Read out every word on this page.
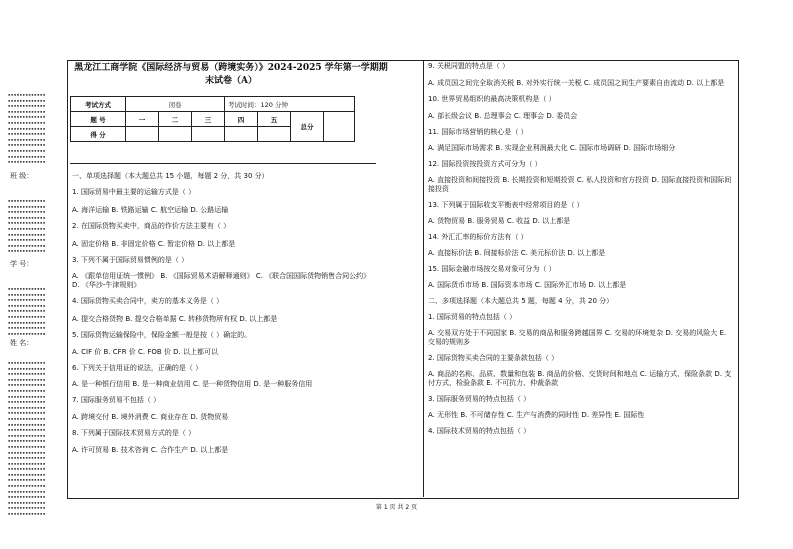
▪▪▪▪▪▪▪▪▪▪▪▪▪
▪▪▪▪▪▪▪▪▪▪▪▪▪
▪▪▪▪▪▪▪▪▪▪▪▪▪
▪▪▪▪▪▪▪▪▪▪▪▪▪
▪▪▪▪▪▪▪▪▪▪▪▪▪
▪▪▪▪▪▪▪▪▪▪▪▪▪
▪▪▪▪▪▪▪▪▪▪▪▪▪
▪▪▪▪▪▪▪▪▪▪▪▪▪
▪▪▪▪▪▪▪▪▪▪▪▪▪
▪▪▪▪▪▪▪▪▪▪▪▪▪
▪▪▪▪▪▪▪▪▪▪▪▪▪
▪▪▪▪▪▪▪▪▪▪▪▪▪
▪▪▪▪▪▪▪▪▪▪▪▪▪
班 级：
▪▪▪▪▪▪▪▪▪▪▪▪▪
▪▪▪▪▪▪▪▪▪▪▪▪▪
▪▪▪▪▪▪▪▪▪▪▪▪▪
▪▪▪▪▪▪▪▪▪▪▪▪▪
▪▪▪▪▪▪▪▪▪▪▪▪▪
▪▪▪▪▪▪▪▪▪▪▪▪▪
▪▪▪▪▪▪▪▪▪▪▪▪▪
▪▪▪▪▪▪▪▪▪▪▪▪▪
▪▪▪▪▪▪▪▪▪▪▪▪▪
▪▪▪▪▪▪▪▪▪▪▪▪▪
学 号：
▪▪▪▪▪▪▪▪▪▪▪▪▪
▪▪▪▪▪▪▪▪▪▪▪▪▪
▪▪▪▪▪▪▪▪▪▪▪▪▪
▪▪▪▪▪▪▪▪▪▪▪▪▪
▪▪▪▪▪▪▪▪▪▪▪▪▪
▪▪▪▪▪▪▪▪▪▪▪▪▪
▪▪▪▪▪▪▪▪▪▪▪▪▪
▪▪▪▪▪▪▪▪▪▪▪▪▪
▪▪▪▪▪▪▪▪▪▪▪▪▪
姓 名：
▪▪▪▪▪▪▪▪▪▪▪▪▪
▪▪▪▪▪▪▪▪▪▪▪▪▪
▪▪▪▪▪▪▪▪▪▪▪▪▪
▪▪▪▪▪▪▪▪▪▪▪▪▪
▪▪▪▪▪▪▪▪▪▪▪▪▪
▪▪▪▪▪▪▪▪▪▪▪▪▪
▪▪▪▪▪▪▪▪▪▪▪▪▪
▪▪▪▪▪▪▪▪▪▪▪▪▪
▪▪▪▪▪▪▪▪▪▪▪▪▪
▪▪▪▪▪▪▪▪▪▪▪▪▪
▪▪▪▪▪▪▪▪▪▪▪▪▪
▪▪▪▪▪▪▪▪▪▪▪▪▪
▪▪▪▪▪▪▪▪▪▪▪▪▪
▪▪▪▪▪▪▪▪▪▪▪▪▪
▪▪▪▪▪▪▪▪▪▪▪▪▪
▪▪▪▪▪▪▪▪▪▪▪▪▪
▪▪▪▪▪▪▪▪▪▪▪▪▪
▪▪▪▪▪▪▪▪▪▪▪▪▪
▪▪▪▪▪▪▪▪▪▪▪▪▪
▪▪▪▪▪▪▪▪▪▪▪▪▪
▪▪▪▪▪▪▪▪▪▪▪▪▪
▪▪▪▪▪▪▪▪▪▪▪▪▪
▪▪▪▪▪▪▪▪▪▪▪▪▪
▪▪▪▪▪▪▪▪▪▪▪▪▪
▪▪▪▪▪▪▪▪▪▪▪▪▪
▪▪▪▪▪▪▪▪▪▪▪▪▪
▪▪▪▪▪▪▪▪▪▪▪▪▪
▪▪▪▪▪▪▪▪▪▪▪▪▪
黑龙江工商学院《国际经济与贸易（跨境实务）》2024-2025 学年第一学期期末试卷（A）
考试方式	闭卷			考试时间：120 分钟			
题 号	一	二	三	四	五	总分	
得 分							

一、单项选择题（本大题总共 15 小题，每题 2 分，共 30 分）

1. 国际贸易中最主要的运输方式是（ ）

A. 海洋运输 B. 铁路运输 C. 航空运输 D. 公路运输

2. 在国际货物买卖中，商品的作价方法主要有（ ）

A. 固定价格 B. 非固定价格 C. 暂定价格 D. 以上都是

3. 下列不属于国际贸易惯例的是（ ）

A. 《跟单信用证统一惯例》 B. 《国际贸易术语解释通则》 C. 《联合国国际货物销售合同公约》 D. 《华沙-牛津规则》

4. 国际货物买卖合同中，卖方的基本义务是（ ）

A. 提交合格货物 B. 提交合格单据 C. 转移货物所有权 D. 以上都是

5. 国际货物运输保险中，保险金额一般是按（ ）确定的。

A. CIF 价 B. CFR 价 C. FOB 价 D. 以上都可以

6. 下列关于信用证的说法，正确的是（ ）

A. 是一种银行信用 B. 是一种商业信用 C. 是一种货物信用 D. 是一种服务信用

7. 国际服务贸易不包括（ ）

A. 跨境交付 B. 境外消费 C. 商业存在 D. 货物贸易

8. 下列属于国际技术贸易方式的是（ ）

A. 许可贸易 B. 技术咨询 C. 合作生产 D. 以上都是

9. 关税同盟的特点是（ ）

A. 成员国之间完全取消关税 B. 对外实行统一关税 C. 成员国之间生产要素自由流动 D. 以上都是

10. 世界贸易组织的最高决策机构是（ ）

A. 部长级会议 B. 总理事会 C. 理事会 D. 委员会

11. 国际市场营销的核心是（ ）

A. 满足国际市场需求 B. 实现企业利润最大化 C. 国际市场调研 D. 国际市场细分

12. 国际投资按投资方式可分为（ ）

A. 直接投资和间接投资 B. 长期投资和短期投资 C. 私人投资和官方投资 D. 国际直接投资和国际间接投资

13. 下列属于国际收支平衡表中经常项目的是（ ）

A. 货物贸易 B. 服务贸易 C. 收益 D. 以上都是

14. 外汇汇率的标价方法有（ ）

A. 直接标价法 B. 间接标价法 C. 美元标价法 D. 以上都是

15. 国际金融市场按交易对象可分为（ ）

A. 国际货币市场 B. 国际资本市场 C. 国际外汇市场 D. 以上都是

二、多项选择题（本大题总共 5 题，每题 4 分，共 20 分）

1. 国际贸易的特点包括（ ）

A. 交易双方处于不同国家 B. 交易的商品和服务跨越国界 C. 交易的环境复杂 D. 交易的风险大 E. 交易的规则多

2. 国际货物买卖合同的主要条款包括（ ）

A. 商品的名称、品质、数量和包装 B. 商品的价格、交货时间和地点 C. 运输方式、保险条款 D. 支付方式、检验条款 E. 不可抗力、仲裁条款

3. 国际服务贸易的特点包括（ ）

A. 无形性 B. 不可储存性 C. 生产与消费的同时性 D. 差异性 E. 国际性

4. 国际技术贸易的特点包括（ ）

第 1 页 共 2 页
